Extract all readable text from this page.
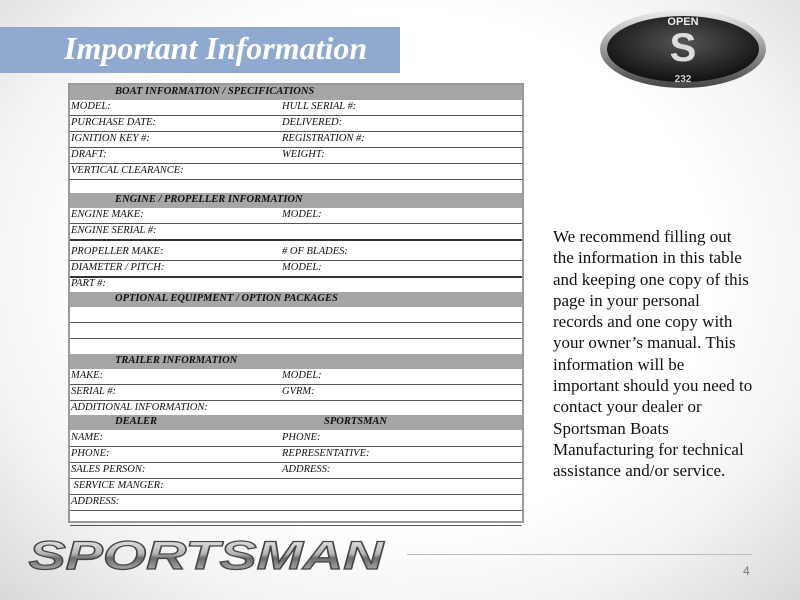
Important Information
OPEN
S
232
BOAT INFORMATION / SPECIFICATIONS
MODEL:	HULL SERIAL #:
PURCHASE DATE:	DELIVERED:
IGNITION KEY #:	REGISTRATION #:
DRAFT:	WEIGHT:
VERTICAL CLEARANCE:
ENGINE / PROPELLER INFORMATION
ENGINE MAKE:	MODEL:
ENGINE SERIAL #:
PROPELLER MAKE:	# OF BLADES:
DIAMETER / PITCH:	MODEL:
PART #:
OPTIONAL EQUIPMENT / OPTION PACKAGES
TRAILER INFORMATION
MAKE:	MODEL:
SERIAL #:	GVRM:
ADDITIONAL INFORMATION:
DEALER	SPORTSMAN
NAME:	PHONE:
PHONE:	REPRESENTATIVE:
SALES PERSON:	ADDRESS:
SERVICE MANGER:
ADDRESS:
We recommend filling out the information in this table and keeping one copy of this page in your personal records and one copy with your owner’s manual. This information will be important should you need to contact your dealer or Sportsman Boats Manufacturing for technical assistance and/or service.
SPORTSMAN	4
